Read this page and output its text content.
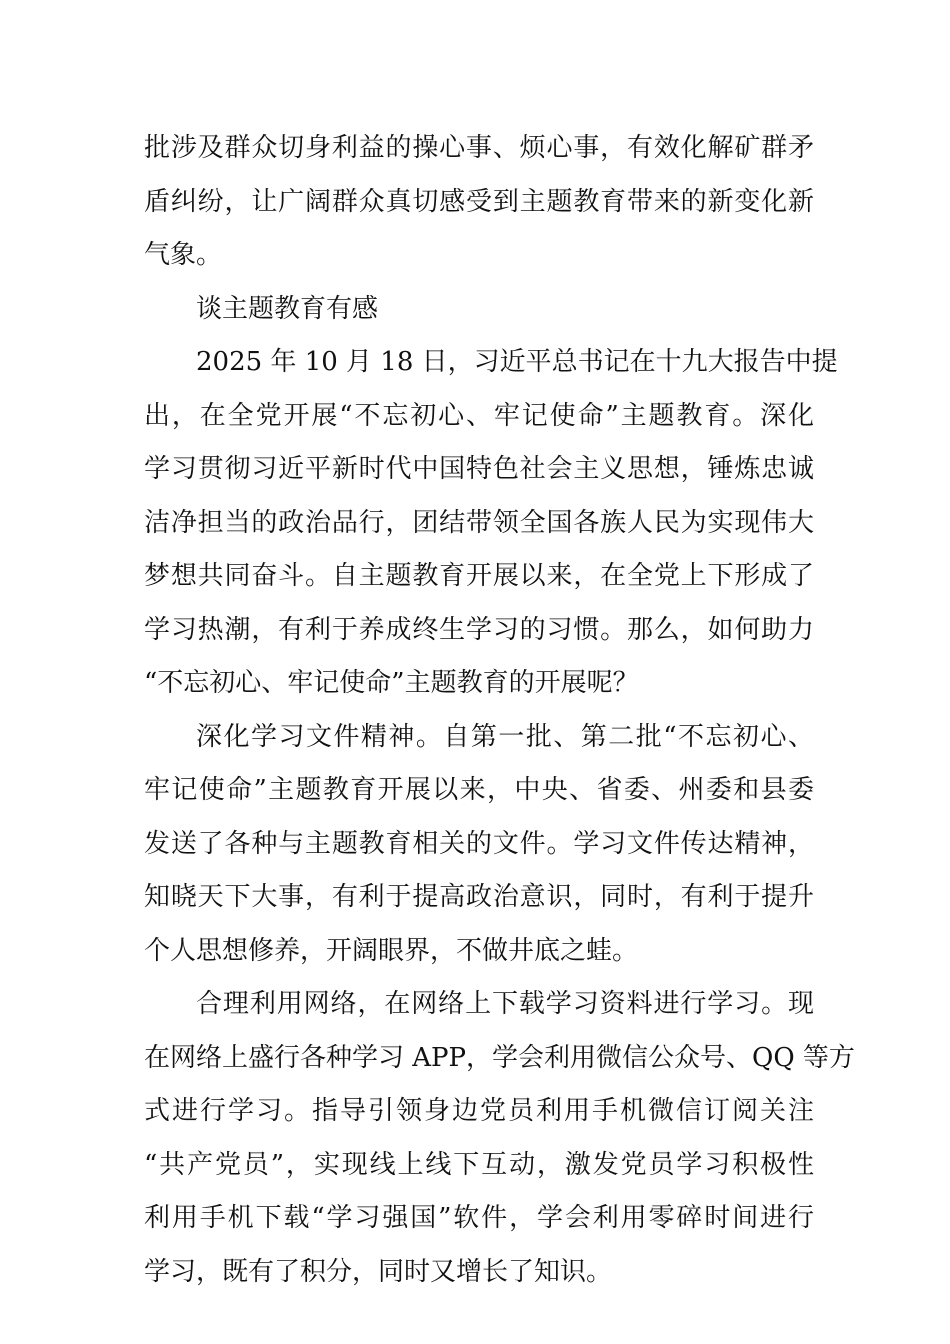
批涉及群众切身利益的操心事、烦心事，有效化解矿群矛
盾纠纷，让广阔群众真切感受到主题教育带来的新变化新
气象。
谈主题教育有感
2025 年 10 月 18 日，习近平总书记在十九大报告中提
出，在全党开展“不忘初心、牢记使命”主题教育。深化
学习贯彻习近平新时代中国特色社会主义思想，锤炼忠诚
洁净担当的政治品行，团结带领全国各族人民为实现伟大
梦想共同奋斗。自主题教育开展以来，在全党上下形成了
学习热潮，有利于养成终生学习的习惯。那么，如何助力
“不忘初心、牢记使命”主题教育的开展呢？
深化学习文件精神。自第一批、第二批“不忘初心、
牢记使命”主题教育开展以来，中央、省委、州委和县委
发送了各种与主题教育相关的文件。学习文件传达精神，
知晓天下大事，有利于提高政治意识，同时，有利于提升
个人思想修养，开阔眼界，不做井底之蛙。
合理利用网络，在网络上下载学习资料进行学习。现
在网络上盛行各种学习 APP，学会利用微信公众号、QQ 等方
式进行学习。指导引领身边党员利用手机微信订阅关注
“共产党员”，实现线上线下互动，激发党员学习积极性
利用手机下载“学习强国”软件，学会利用零碎时间进行
学习，既有了积分，同时又增长了知识。
